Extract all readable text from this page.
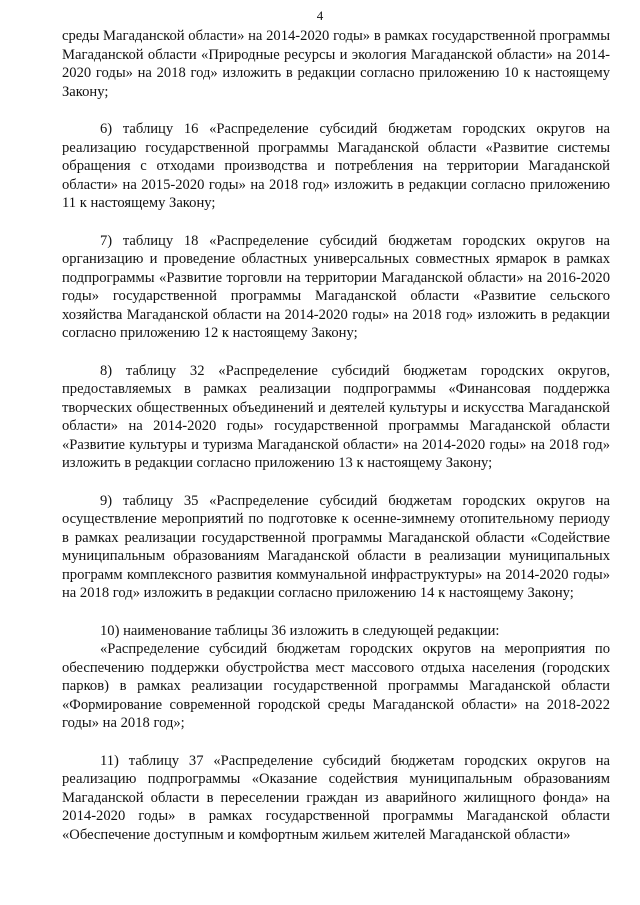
4

среды Магаданской области» на 2014-2020 годы» в рамках государственной программы Магаданской области «Природные ресурсы и экология Магаданской области» на 2014-2020 годы» на 2018 год» изложить в редакции согласно приложению 10 к настоящему Закону;

6) таблицу 16 «Распределение субсидий бюджетам городских округов на реализацию государственной программы Магаданской области «Развитие системы обращения с отходами производства и потребления на территории Магаданской области» на 2015-2020 годы» на 2018 год» изложить в редакции согласно приложению 11 к настоящему Закону;

7) таблицу 18 «Распределение субсидий бюджетам городских округов на организацию и проведение областных универсальных совместных ярмарок в рамках подпрограммы «Развитие торговли на территории Магаданской области» на 2016-2020 годы» государственной программы Магаданской области «Развитие сельского хозяйства Магаданской области на 2014-2020 годы» на 2018 год» изложить в редакции согласно приложению 12 к настоящему Закону;

8) таблицу 32 «Распределение субсидий бюджетам городских округов, предоставляемых в рамках реализации подпрограммы «Финансовая поддержка творческих общественных объединений и деятелей культуры и искусства Магаданской области» на 2014-2020 годы» государственной программы Магаданской области «Развитие культуры и туризма Магаданской области» на 2014-2020 годы» на 2018 год» изложить в редакции согласно приложению 13 к настоящему Закону;

9) таблицу 35 «Распределение субсидий бюджетам городских округов на осуществление мероприятий по подготовке к осенне-зимнему отопительному периоду в рамках реализации государственной программы Магаданской области «Содействие муниципальным образованиям Магаданской области в реализации муниципальных программ комплексного развития коммунальной инфраструктуры» на 2014-2020 годы» на 2018 год» изложить в редакции согласно приложению 14 к настоящему Закону;

10) наименование таблицы 36 изложить в следующей редакции:

«Распределение субсидий бюджетам городских округов на мероприятия по обеспечению поддержки обустройства мест массового отдыха населения (городских парков) в рамках реализации государственной программы Магаданской области «Формирование современной городской среды Магаданской области» на 2018-2022 годы» на 2018 год»;

11) таблицу 37 «Распределение субсидий бюджетам городских округов на реализацию подпрограммы «Оказание содействия муниципальным образованиям Магаданской области в переселении граждан из аварийного жилищного фонда» на 2014-2020 годы» в рамках государственной программы Магаданской области «Обеспечение доступным и комфортным жильем жителей Магаданской области»
